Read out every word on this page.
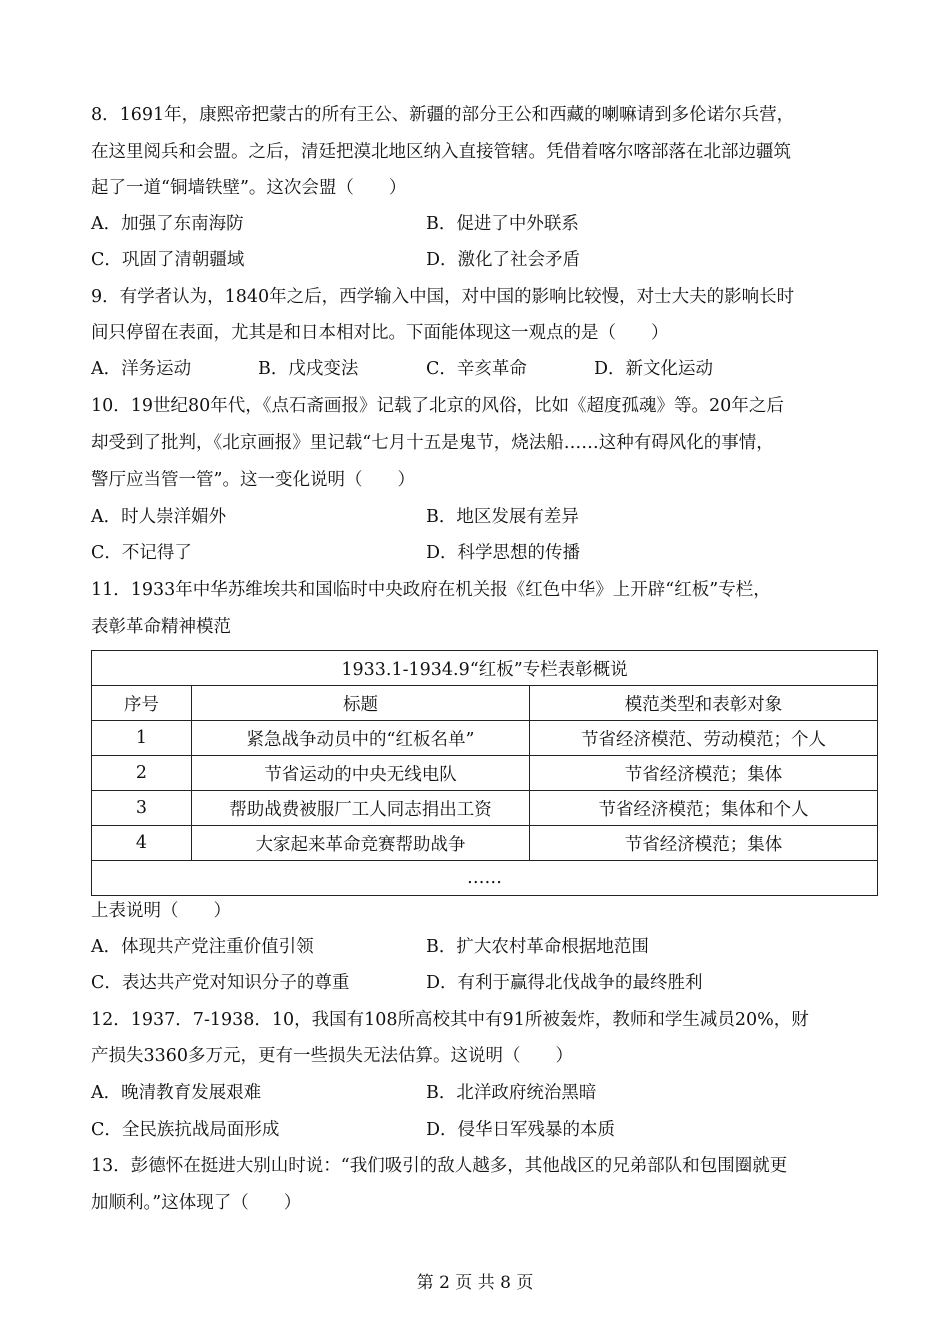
8．1691年，康熙帝把蒙古的所有王公、新疆的部分王公和西藏的喇嘛请到多伦诺尔兵营，
在这里阅兵和会盟。之后，清廷把漠北地区纳入直接管辖。凭借着喀尔喀部落在北部边疆筑
起了一道“铜墙铁壁”。这次会盟（　　）
A．加强了东南海防	B．促进了中外联系
C．巩固了清朝疆域	D．激化了社会矛盾
9．有学者认为，1840年之后，西学输入中国，对中国的影响比较慢，对士大夫的影响长时
间只停留在表面，尤其是和日本相对比。下面能体现这一观点的是（　　）
A．洋务运动	B．戊戌变法	C．辛亥革命	D．新文化运动
10．19世纪80年代，《点石斋画报》记载了北京的风俗，比如《超度孤魂》等。20年之后
却受到了批判，《北京画报》里记载“七月十五是鬼节，烧法船……这种有碍风化的事情，
警厅应当管一管”。这一变化说明（　　）
A．时人崇洋媚外	B．地区发展有差异
C．不记得了	D．科学思想的传播
11．1933年中华苏维埃共和国临时中央政府在机关报《红色中华》上开辟“红板”专栏，
表彰革命精神模范
1933.1-1934.9“红板”专栏表彰概说		
序号	标题	模范类型和表彰对象
1	紧急战争动员中的“红板名单”	节省经济模范、劳动模范；个人
2	节省运动的中央无线电队	节省经济模范；集体
3	帮助战费被服厂工人同志捐出工资	节省经济模范；集体和个人
4	大家起来革命竞赛帮助战争	节省经济模范；集体
……		
上表说明（　　）
A．体现共产党注重价值引领	B．扩大农村革命根据地范围
C．表达共产党对知识分子的尊重	D．有利于赢得北伐战争的最终胜利
12．1937．7-1938．10，我国有108所高校其中有91所被轰炸，教师和学生减员20%，财
产损失3360多万元，更有一些损失无法估算。这说明（　　）
A．晚清教育发展艰难	B．北洋政府统治黑暗
C．全民族抗战局面形成	D．侵华日军残暴的本质
13．彭德怀在挺进大别山时说：“我们吸引的敌人越多，其他战区的兄弟部队和包围圈就更
加顺利。”这体现了（　　）
第 2 页 共 8 页
